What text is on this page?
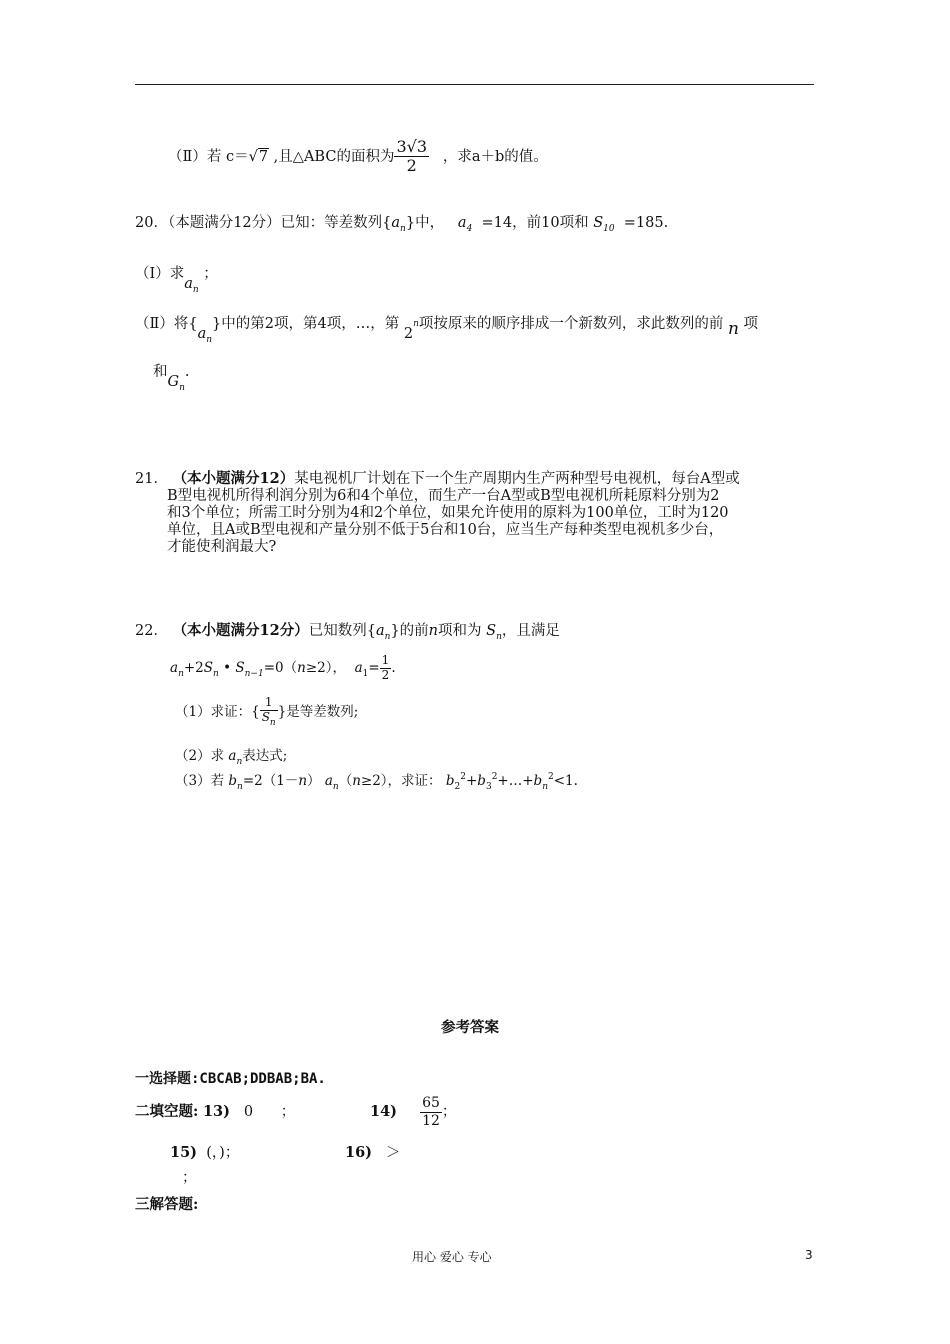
（Ⅱ）若 c＝√7 ,且△ABC的面积为 $\frac{3√3}{2}$ ，求a＋b的值。
20．（本题满分12分）已知：等差数列$\{a_n\}$中， $a_4 =14$，前10项和 $S_{10} =185$.
（Ⅰ）求$a_n$ ；
（Ⅱ）将$\{a_n\}$中的第2项，第4项，…，第 2$^n$项按原来的顺序排成一个新数列，求此数列的前 n 项
和$G_n$.
21． （本小题满分12）某电视机厂计划在下一个生产周期内生产两种型号电视机，每台A型或
B型电视机所得利润分别为6和4个单位，而生产一台A型或B型电视机所耗原料分别为2
和3个单位；所需工时分别为4和2个单位，如果允许使用的原料为100单位，工时为120
单位，且A或B型电视和产量分别不低于5台和10台，应当生产每种类型电视机多少台，
才能使利润最大?
22． （本小题满分12分）已知数列$\{a_n\}$的前n项和为 $S_n$，且满足
$a_n+2S_n$ • $S_{n-1}=0(n\ge 2)$， $a_1= \frac{1}{2}$ .
（1）求证：{ $\frac{1}{S_n}$ }是等差数列;
（2）求 $a_n$表达式;
（3）若 $b_n=2(1-n)$ $a_n(n\ge 2)$，求证： $b_2^2+b_3^2+\dots+b_n^2<1$.
参考答案
一选择题:CBCAB;DDBAB;BA.
二填空题: 13) 0 ；	$14) \frac{65}{12}$ ；
15) (，)；	16) ＞
；
三解答题:
用心 爱心 专心	3
